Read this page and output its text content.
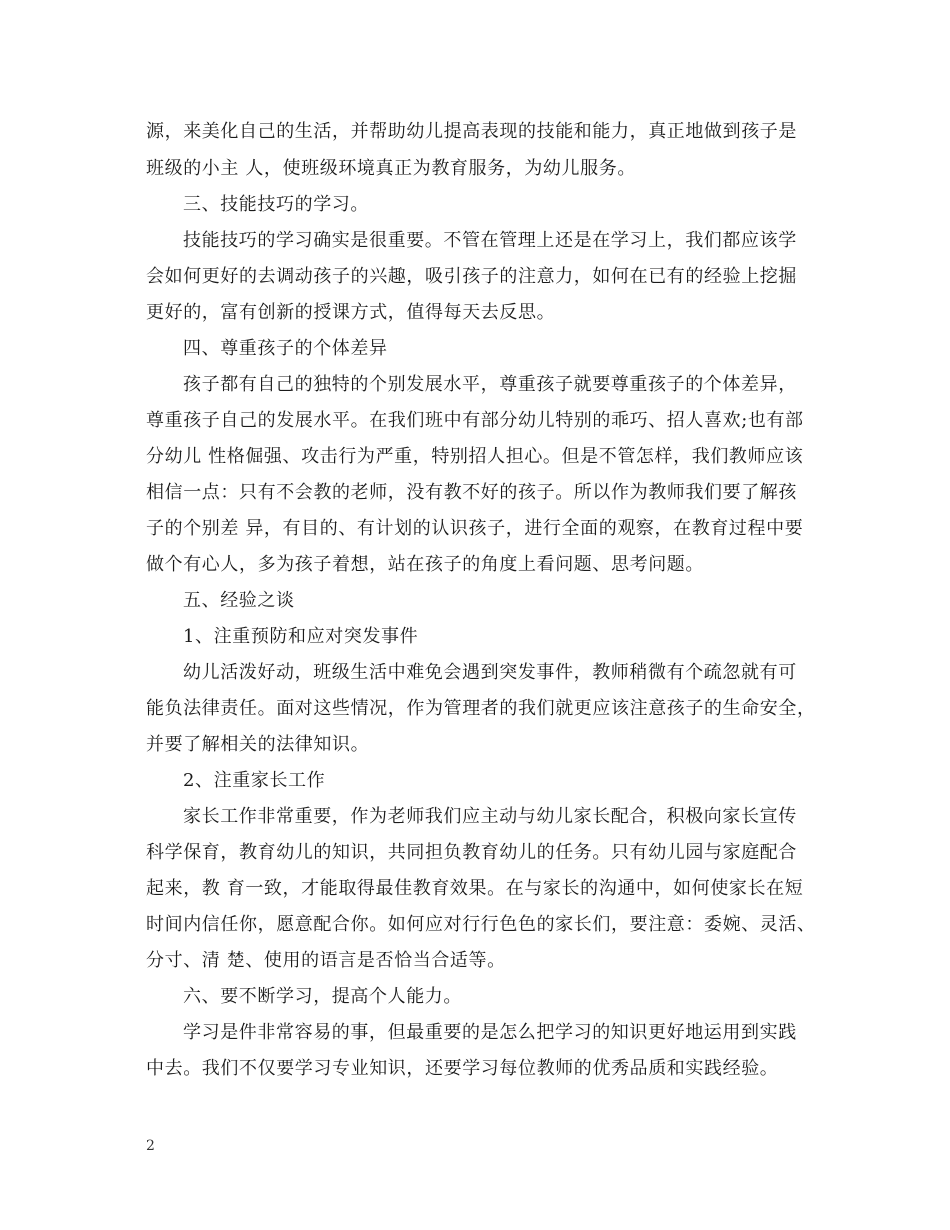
源，来美化自己的生活，并帮助幼儿提高表现的技能和能力，真正地做到孩子是
班级的小主 人，使班级环境真正为教育服务，为幼儿服务。
三、技能技巧的学习。
技能技巧的学习确实是很重要。不管在管理上还是在学习上，我们都应该学
会如何更好的去调动孩子的兴趣，吸引孩子的注意力，如何在已有的经验上挖掘
更好的，富有创新的授课方式，值得每天去反思。
四、尊重孩子的个体差异
孩子都有自己的独特的个别发展水平，尊重孩子就要尊重孩子的个体差异，
尊重孩子自己的发展水平。在我们班中有部分幼儿特别的乖巧、招人喜欢;也有部
分幼儿 性格倔强、攻击行为严重，特别招人担心。但是不管怎样，我们教师应该
相信一点：只有不会教的老师，没有教不好的孩子。所以作为教师我们要了解孩
子的个别差 异，有目的、有计划的认识孩子，进行全面的观察，在教育过程中要
做个有心人，多为孩子着想，站在孩子的角度上看问题、思考问题。
五、经验之谈
1、注重预防和应对突发事件
幼儿活泼好动，班级生活中难免会遇到突发事件，教师稍微有个疏忽就有可
能负法律责任。面对这些情况，作为管理者的我们就更应该注意孩子的生命安全，
并要了解相关的法律知识。
2、注重家长工作
家长工作非常重要，作为老师我们应主动与幼儿家长配合，积极向家长宣传
科学保育，教育幼儿的知识，共同担负教育幼儿的任务。只有幼儿园与家庭配合
起来，教 育一致，才能取得最佳教育效果。在与家长的沟通中，如何使家长在短
时间内信任你，愿意配合你。如何应对行行色色的家长们，要注意：委婉、灵活、
分寸、清 楚、使用的语言是否恰当合适等。
六、要不断学习，提高个人能力。
学习是件非常容易的事，但最重要的是怎么把学习的知识更好地运用到实践
中去。我们不仅要学习专业知识，还要学习每位教师的优秀品质和实践经验。
2
